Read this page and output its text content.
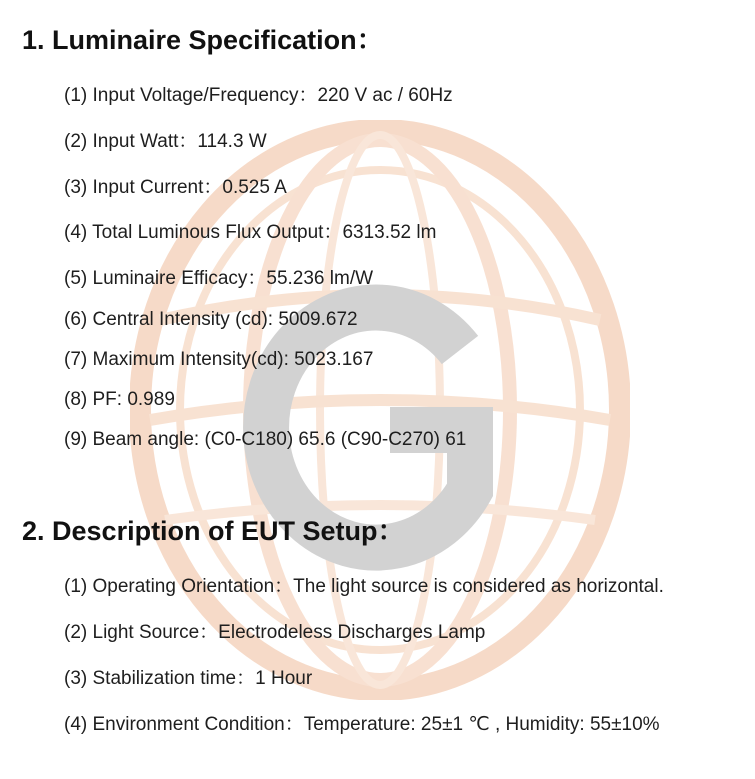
1. Luminaire Specification：

(1) Input Voltage/Frequency：220 V ac / 60Hz

(2) Input Watt：114.3 W

(3) Input Current：0.525 A

(4) Total Luminous Flux Output：6313.52 lm

(5) Luminaire Efficacy：55.236 lm/W

(6) Central Intensity (cd): 5009.672

(7) Maximum Intensity(cd): 5023.167

(8) PF: 0.989

(9) Beam angle: (C0-C180) 65.6 (C90-C270) 61

2. Description of EUT Setup：

(1) Operating Orientation：The light source is considered as horizontal.

(2) Light Source：Electrodeless Discharges Lamp

(3) Stabilization time：1 Hour

(4) Environment Condition：Temperature: 25±1 ℃ , Humidity: 55±10%
